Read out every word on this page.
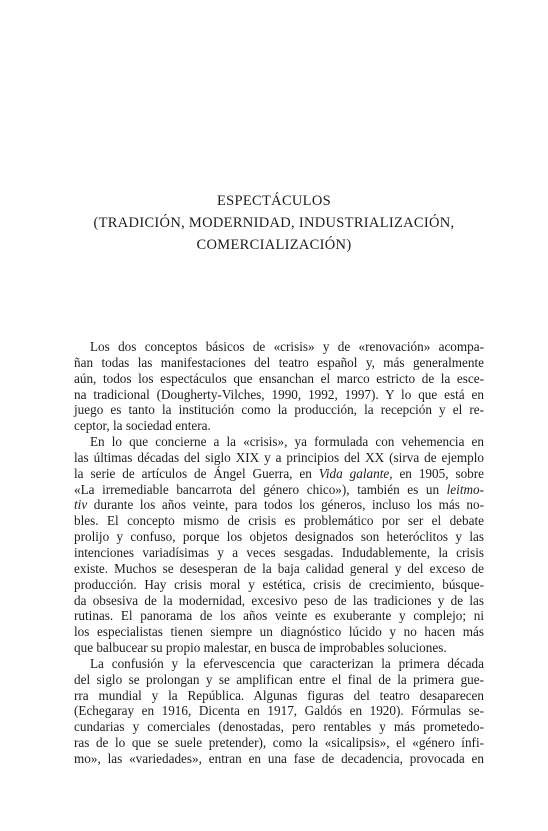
ESPECTÁCULOS
(TRADICIÓN, MODERNIDAD, INDUSTRIALIZACIÓN,
COMERCIALIZACIÓN)
Los dos conceptos básicos de «crisis» y de «renovación» acompa-
ñan todas las manifestaciones del teatro español y, más generalmente
aún, todos los espectáculos que ensanchan el marco estricto de la esce-
na tradicional (Dougherty-Vilches, 1990, 1992, 1997). Y lo que está en
juego es tanto la institución como la producción, la recepción y el re-
ceptor, la sociedad entera.
En lo que concierne a la «crisis», ya formulada con vehemencia en
las últimas décadas del siglo XIX y a principios del XX (sirva de ejemplo
la serie de artículos de Ángel Guerra, en Vida galante, en 1905, sobre
«La irremediable bancarrota del género chico»), también es un leitmo-
tiv durante los años veinte, para todos los géneros, incluso los más no-
bles. El concepto mismo de crisis es problemático por ser el debate
prolijo y confuso, porque los objetos designados son heteróclitos y las
intenciones variadísimas y a veces sesgadas. Indudablemente, la crisis
existe. Muchos se desesperan de la baja calidad general y del exceso de
producción. Hay crisis moral y estética, crisis de crecimiento, búsque-
da obsesiva de la modernidad, excesivo peso de las tradiciones y de las
rutinas. El panorama de los años veinte es exuberante y complejo; ni
los especialistas tienen siempre un diagnóstico lúcido y no hacen más
que balbucear su propio malestar, en busca de improbables soluciones.
La confusión y la efervescencia que caracterizan la primera década
del siglo se prolongan y se amplifican entre el final de la primera gue-
rra mundial y la República. Algunas figuras del teatro desaparecen
(Echegaray en 1916, Dicenta en 1917, Galdós en 1920). Fórmulas se-
cundarias y comerciales (denostadas, pero rentables y más prometedo-
ras de lo que se suele pretender), como la «sicalipsis», el «género ínfi-
mo», las «variedades», entran en una fase de decadencia, provocada en
